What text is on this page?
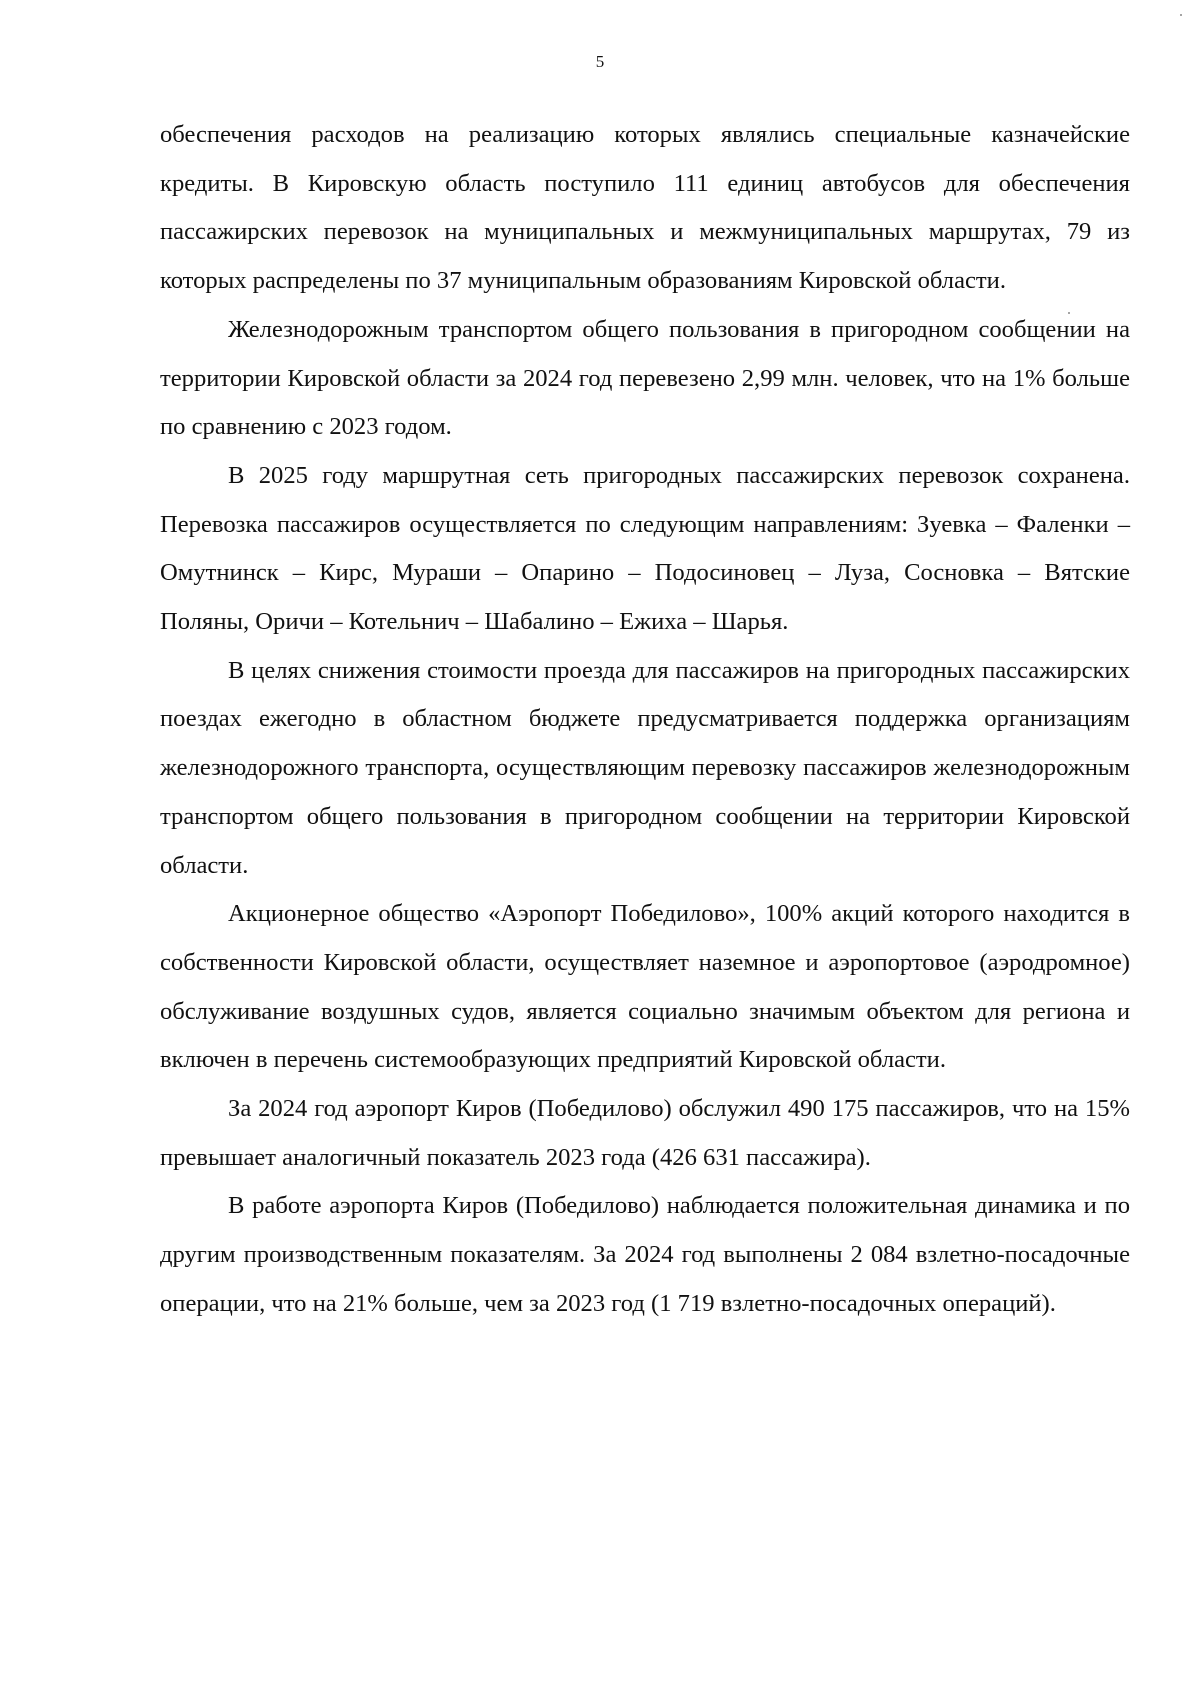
5

обеспечения расходов на реализацию которых являлись специальные казначейские кредиты. В Кировскую область поступило 111 единиц автобусов для обеспечения пассажирских перевозок на муниципальных и межмуниципальных маршрутах, 79 из которых распределены по 37 муниципальным образованиям Кировской области.

Железнодорожным транспортом общего пользования в пригородном сообщении на территории Кировской области за 2024 год перевезено 2,99 млн. человек, что на 1% больше по сравнению с 2023 годом.

В 2025 году маршрутная сеть пригородных пассажирских перевозок сохранена. Перевозка пассажиров осуществляется по следующим направлениям: Зуевка – Фаленки – Омутнинск – Кирс, Мураши – Опарино – Подосиновец – Луза, Сосновка – Вятские Поляны, Оричи – Котельнич – Шабалино – Ежиха – Шарья.

В целях снижения стоимости проезда для пассажиров на пригородных пассажирских поездах ежегодно в областном бюджете предусматривается поддержка организациям железнодорожного транспорта, осуществляющим перевозку пассажиров железнодорожным транспортом общего пользования в пригородном сообщении на территории Кировской области.

Акционерное общество «Аэропорт Победилово», 100% акций которого находится в собственности Кировской области, осуществляет наземное и аэропортовое (аэродромное) обслуживание воздушных судов, является социально значимым объектом для региона и включен в перечень системообразующих предприятий Кировской области.

За 2024 год аэропорт Киров (Победилово) обслужил 490 175 пассажиров, что на 15% превышает аналогичный показатель 2023 года (426 631 пассажира).

В работе аэропорта Киров (Победилово) наблюдается положительная динамика и по другим производственным показателям. За 2024 год выполнены 2 084 взлетно-посадочные операции, что на 21% больше, чем за 2023 год (1 719 взлетно-посадочных операций).
